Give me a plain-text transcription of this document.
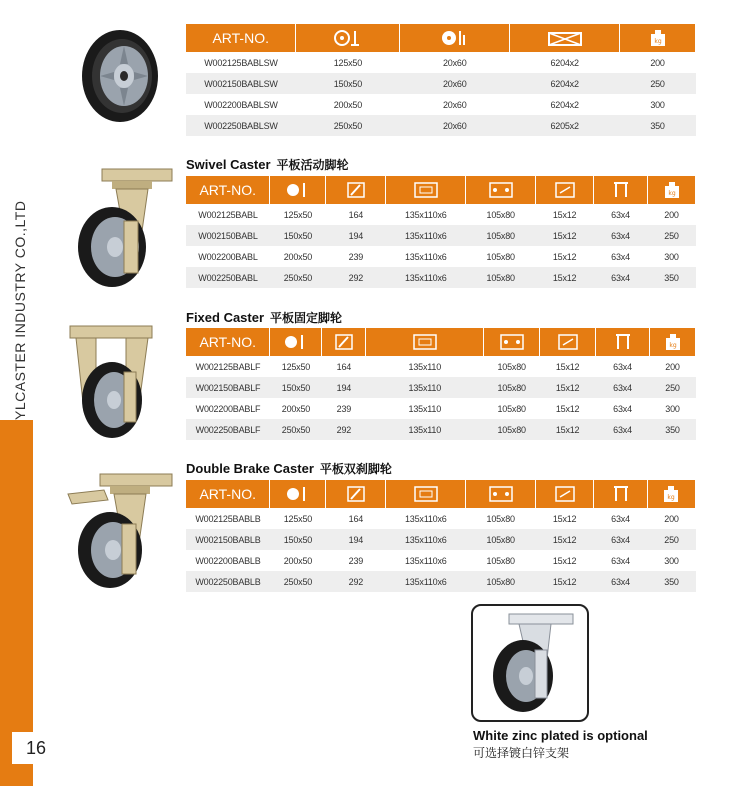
YLCASTER INDUSTRY CO.,LTD
16
ART-NO.				kg

W002125BABLSW	125x50	20x60	6204x2	200
W002150BABLSW	150x50	20x60	6204x2	250
W002200BABLSW	200x50	20x60	6204x2	300
W002250BABLSW	250x50	20x60	6205x2	350
Swivel Caster 平板活动脚轮
ART-NO.							kg

W002125BABL	125x50	164	135x110x6	105x80	15x12	63x4	200
W002150BABL	150x50	194	135x110x6	105x80	15x12	63x4	250
W002200BABL	200x50	239	135x110x6	105x80	15x12	63x4	300
W002250BABL	250x50	292	135x110x6	105x80	15x12	63x4	350
Fixed Caster 平板固定脚轮
ART-NO.							kg

W002125BABLF	125x50	164	135x110	105x80	15x12	63x4	200
W002150BABLF	150x50	194	135x110	105x80	15x12	63x4	250
W002200BABLF	200x50	239	135x110	105x80	15x12	63x4	300
W002250BABLF	250x50	292	135x110	105x80	15x12	63x4	350
Double Brake Caster 平板双刹脚轮
ART-NO.							kg

W002125BABLB	125x50	164	135x110x6	105x80	15x12	63x4	200
W002150BABLB	150x50	194	135x110x6	105x80	15x12	63x4	250
W002200BABLB	200x50	239	135x110x6	105x80	15x12	63x4	300
W002250BABLB	250x50	292	135x110x6	105x80	15x12	63x4	350
White zinc plated is optional
可选择镀白锌支架
